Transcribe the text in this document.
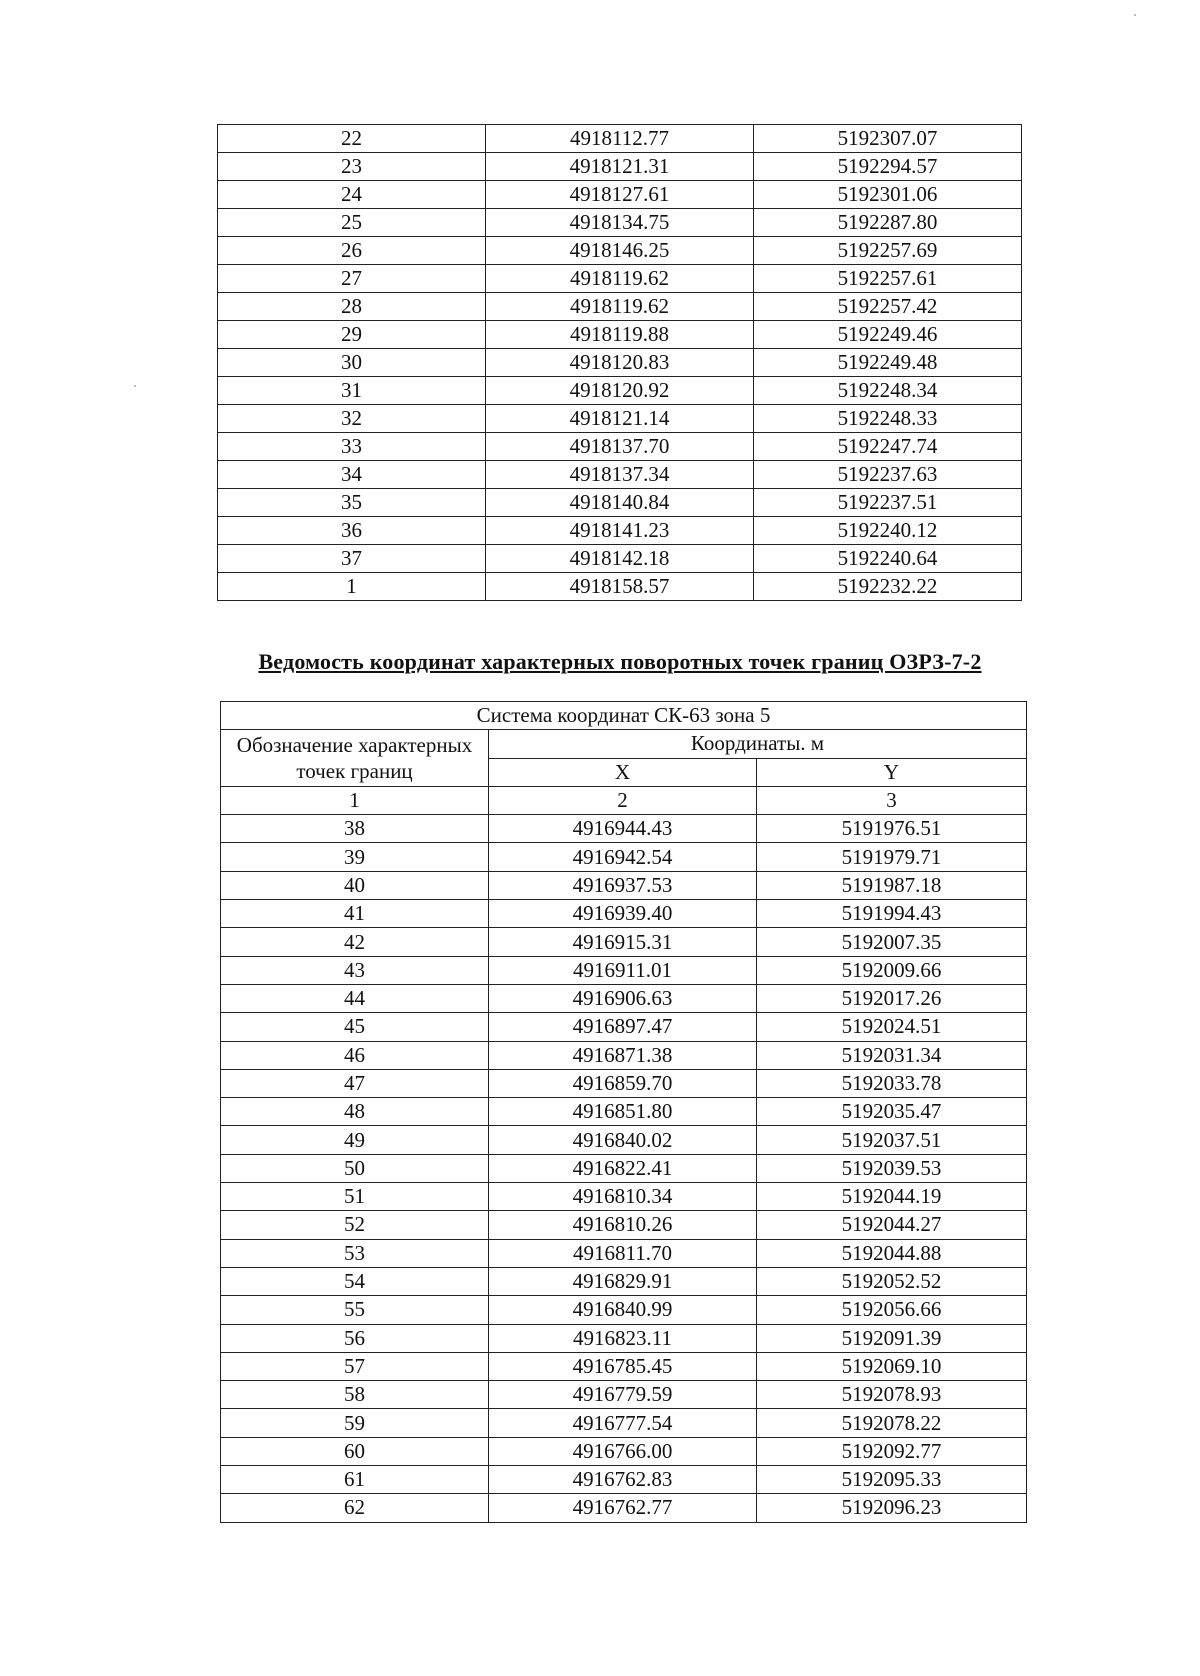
22	4918112.77	5192307.07
23	4918121.31	5192294.57
24	4918127.61	5192301.06
25	4918134.75	5192287.80
26	4918146.25	5192257.69
27	4918119.62	5192257.61
28	4918119.62	5192257.42
29	4918119.88	5192249.46
30	4918120.83	5192249.48
31	4918120.92	5192248.34
32	4918121.14	5192248.33
33	4918137.70	5192247.74
34	4918137.34	5192237.63
35	4918140.84	5192237.51
36	4918141.23	5192240.12
37	4918142.18	5192240.64
1	4918158.57	5192232.22
Ведомость координат характерных поворотных точек границ ОЗРЗ-7-2
Система координат СК-63 зона 5		
Обозначение характерных точек границ	Координаты. м	
	X	Y
1	2	3
38	4916944.43	5191976.51
39	4916942.54	5191979.71
40	4916937.53	5191987.18
41	4916939.40	5191994.43
42	4916915.31	5192007.35
43	4916911.01	5192009.66
44	4916906.63	5192017.26
45	4916897.47	5192024.51
46	4916871.38	5192031.34
47	4916859.70	5192033.78
48	4916851.80	5192035.47
49	4916840.02	5192037.51
50	4916822.41	5192039.53
51	4916810.34	5192044.19
52	4916810.26	5192044.27
53	4916811.70	5192044.88
54	4916829.91	5192052.52
55	4916840.99	5192056.66
56	4916823.11	5192091.39
57	4916785.45	5192069.10
58	4916779.59	5192078.93
59	4916777.54	5192078.22
60	4916766.00	5192092.77
61	4916762.83	5192095.33
62	4916762.77	5192096.23
